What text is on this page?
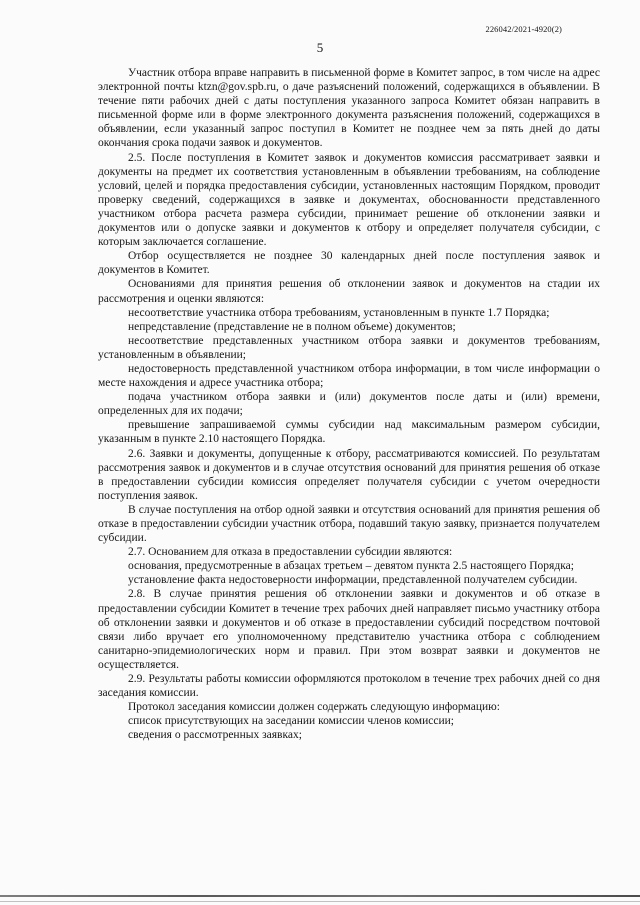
226042/2021-4920(2)
5

Участник отбора вправе направить в письменной форме в Комитет запрос, в том числе на адрес электронной почты ktzn@gov.spb.ru, о даче разъяснений положений, содержащихся в объявлении. В течение пяти рабочих дней с даты поступления указанного запроса Комитет обязан направить в письменной форме или в форме электронного документа разъяснения положений, содержащихся в объявлении, если указанный запрос поступил в Комитет не позднее чем за пять дней до даты окончания срока подачи заявок и документов.

2.5. После поступления в Комитет заявок и документов комиссия рассматривает заявки и документы на предмет их соответствия установленным в объявлении требованиям, на соблюдение условий, целей и порядка предоставления субсидии, установленных настоящим Порядком, проводит проверку сведений, содержащихся в заявке и документах, обоснованности представленного участником отбора расчета размера субсидии, принимает решение об отклонении заявки и документов или о допуске заявки и документов к отбору и определяет получателя субсидии, с которым заключается соглашение.

Отбор осуществляется не позднее 30 календарных дней после поступления заявок и документов в Комитет.

Основаниями для принятия решения об отклонении заявок и документов на стадии их рассмотрения и оценки являются:

несоответствие участника отбора требованиям, установленным в пункте 1.7 Порядка;

непредставление (представление не в полном объеме) документов;

несоответствие представленных участником отбора заявки и документов требованиям, установленным в объявлении;

недостоверность представленной участником отбора информации, в том числе информации о месте нахождения и адресе участника отбора;

подача участником отбора заявки и (или) документов после даты и (или) времени, определенных для их подачи;

превышение запрашиваемой суммы субсидии над максимальным размером субсидии, указанным в пункте 2.10 настоящего Порядка.

2.6. Заявки и документы, допущенные к отбору, рассматриваются комиссией. По результатам рассмотрения заявок и документов и в случае отсутствия оснований для принятия решения об отказе в предоставлении субсидии комиссия определяет получателя субсидии с учетом очередности поступления заявок.

В случае поступления на отбор одной заявки и отсутствия оснований для принятия решения об отказе в предоставлении субсидии участник отбора, подавший такую заявку, признается получателем субсидии.

2.7. Основанием для отказа в предоставлении субсидии являются:

основания, предусмотренные в абзацах третьем – девятом пункта 2.5 настоящего Порядка;

установление факта недостоверности информации, представленной получателем субсидии.

2.8. В случае принятия решения об отклонении заявки и документов и об отказе в предоставлении субсидии Комитет в течение трех рабочих дней направляет письмо участнику отбора об отклонении заявки и документов и об отказе в предоставлении субсидий посредством почтовой связи либо вручает его уполномоченному представителю участника отбора с соблюдением санитарно-эпидемиологических норм и правил. При этом возврат заявки и документов не осуществляется.

2.9. Результаты работы комиссии оформляются протоколом в течение трех рабочих дней со дня заседания комиссии.

Протокол заседания комиссии должен содержать следующую информацию:

список присутствующих на заседании комиссии членов комиссии;

сведения о рассмотренных заявках;
